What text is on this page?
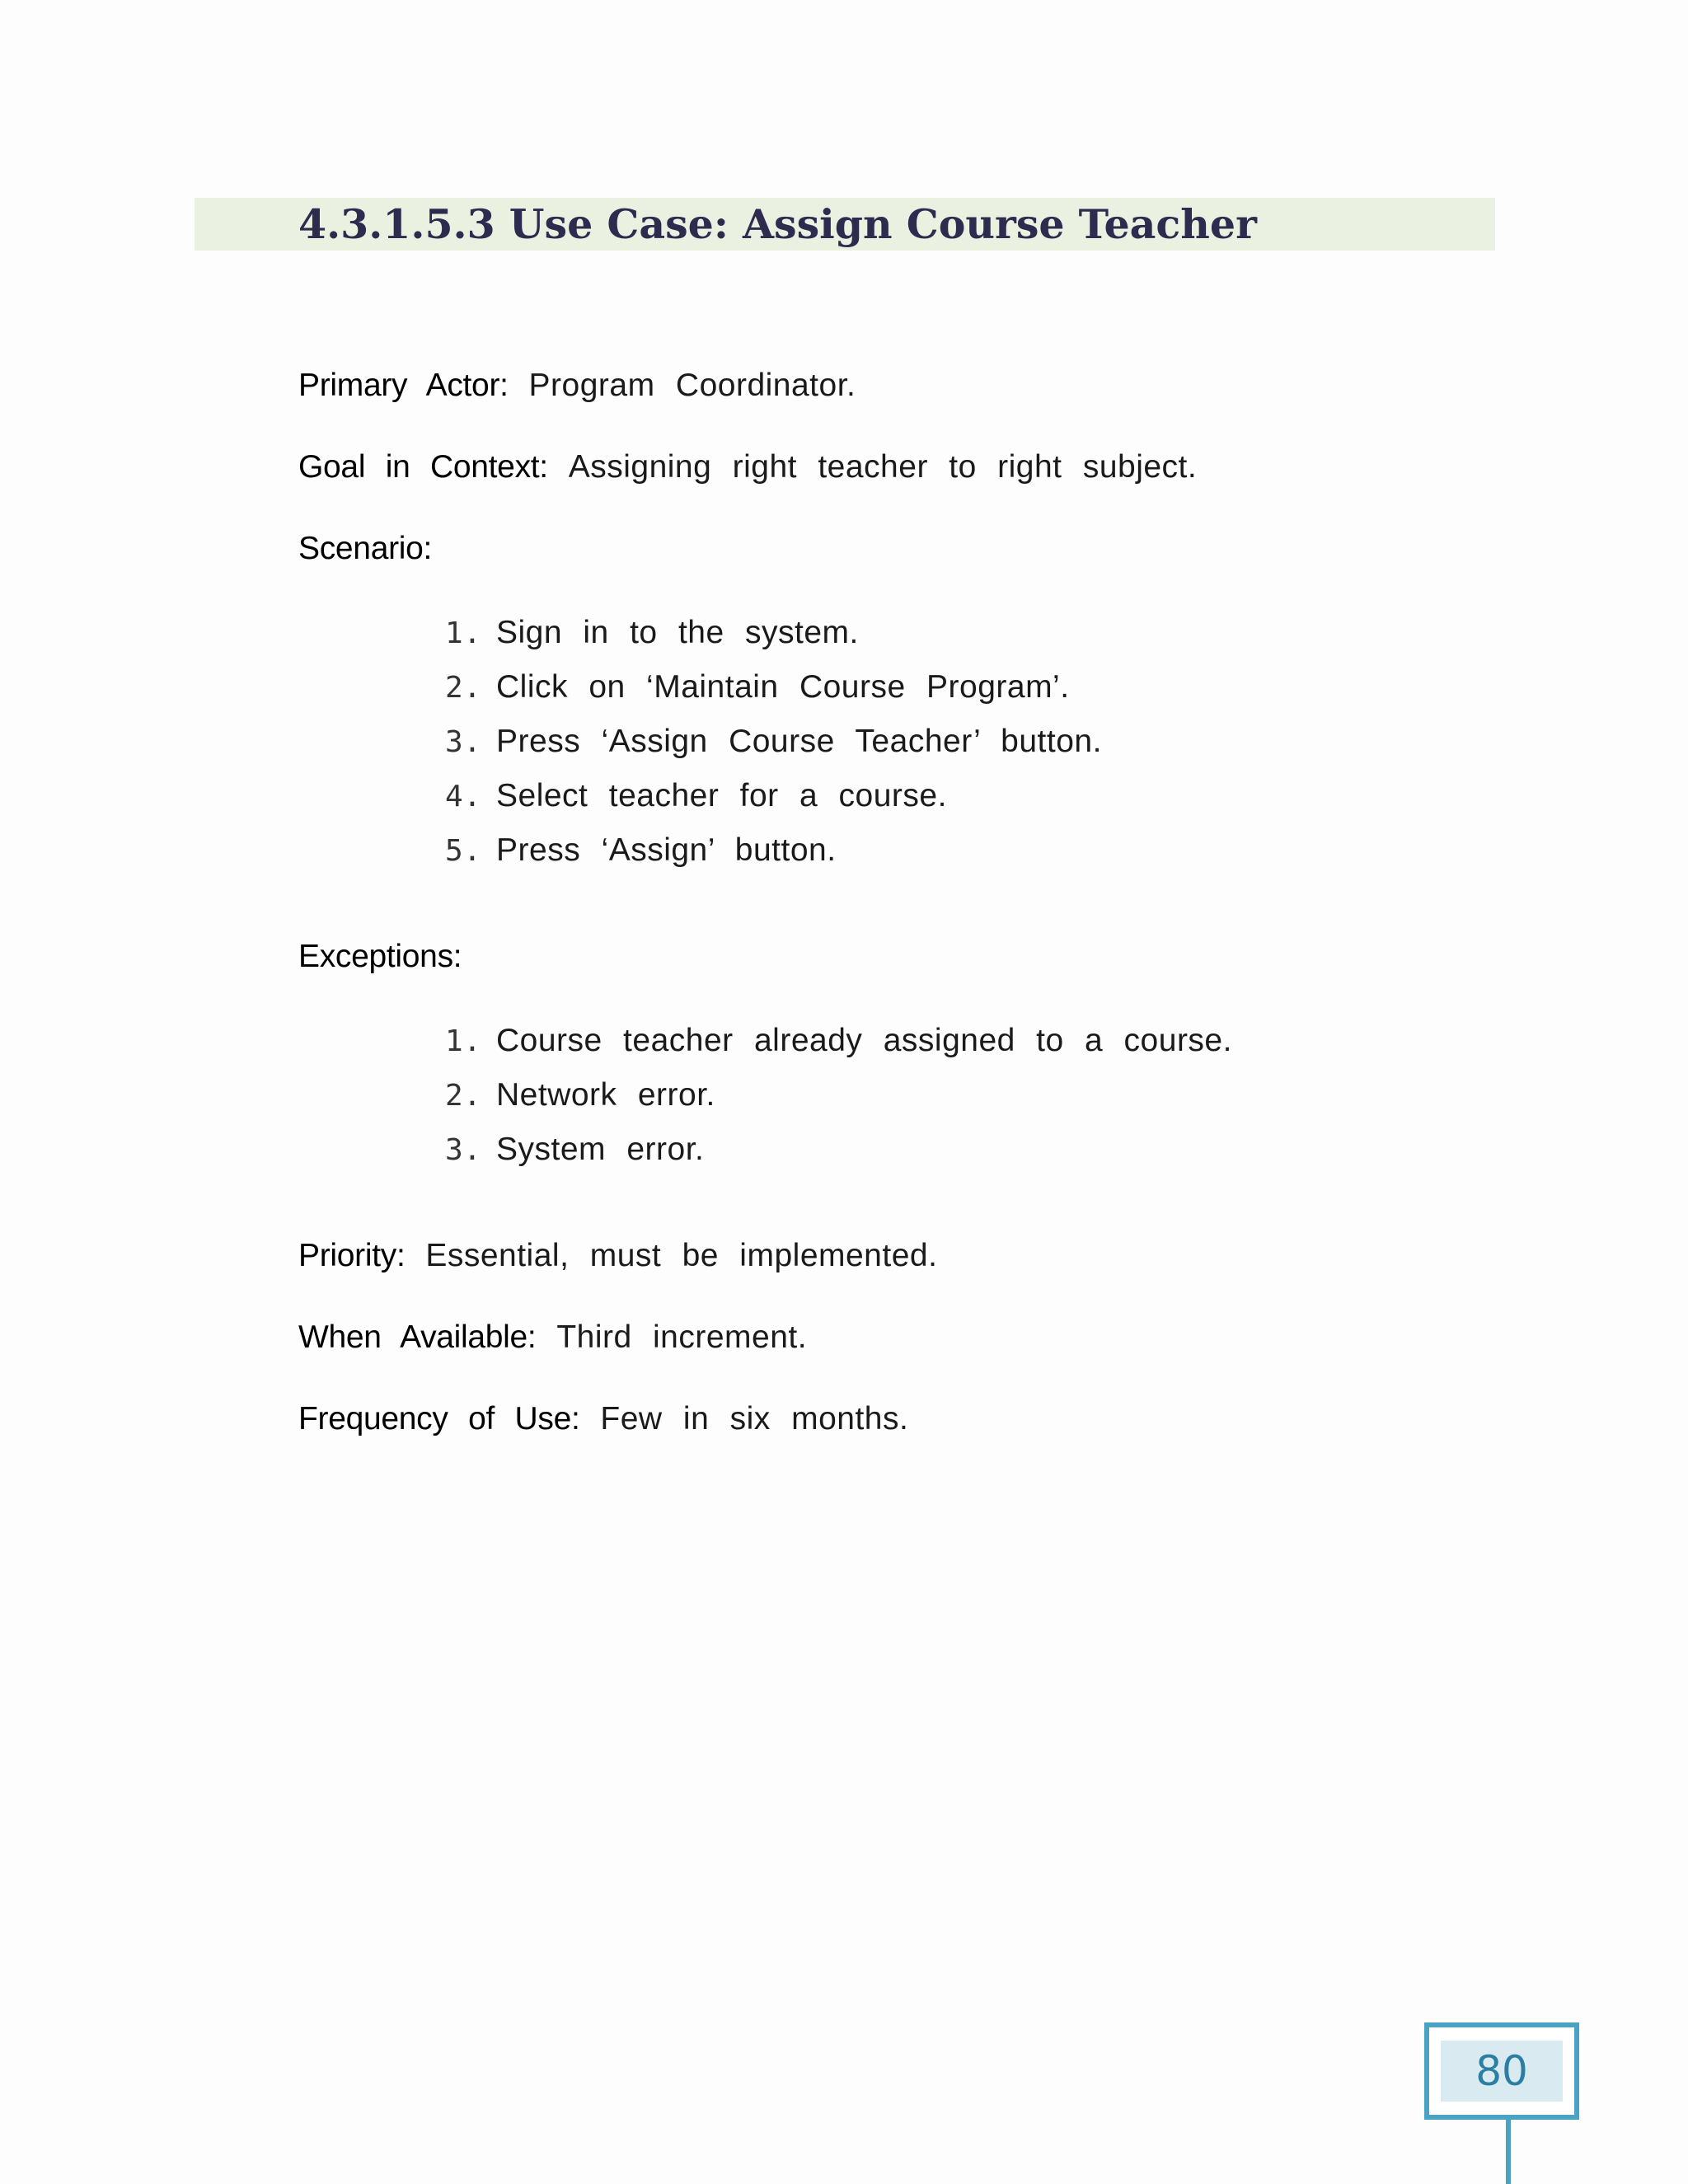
4.3.1.5.3 Use Case: Assign Course Teacher
Primary Actor: Program Coordinator.
Goal in Context: Assigning right teacher to right subject.
Scenario:
1. Sign in to the system.
2. Click on ‘Maintain Course Program’.
3. Press ‘Assign Course Teacher’ button.
4. Select teacher for a course.
5. Press ‘Assign’ button.
Exceptions:
1. Course teacher already assigned to a course.
2. Network error.
3. System error.
Priority: Essential, must be implemented.
When Available: Third increment.
Frequency of Use: Few in six months.
80
